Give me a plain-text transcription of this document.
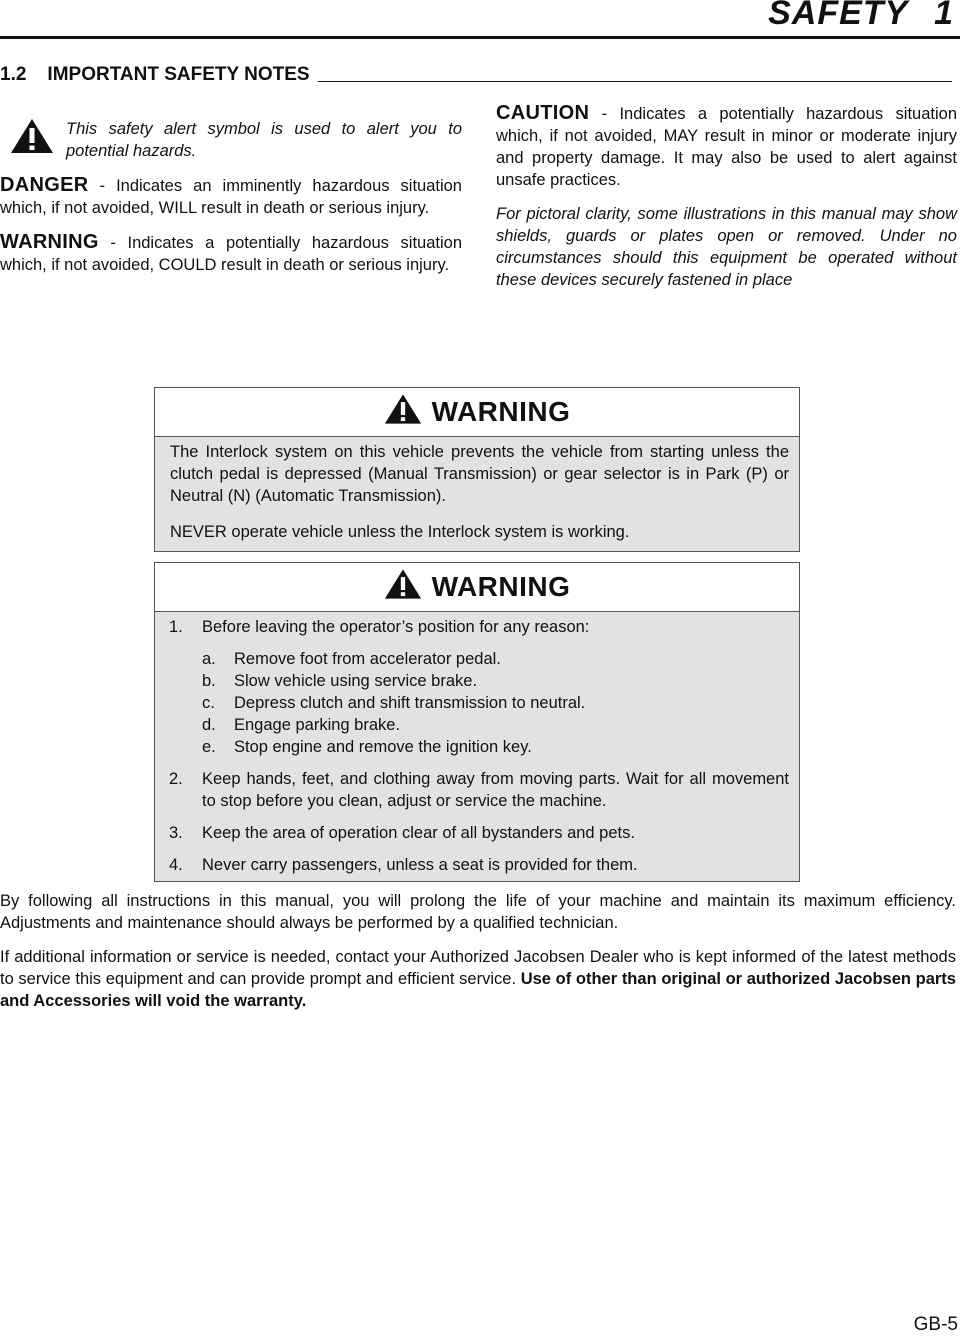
SAFETY 1
1.2 IMPORTANT SAFETY NOTES

This safety alert symbol is used to alert you to potential hazards.

DANGER - Indicates an imminently hazardous situation which, if not avoided, WILL result in death or serious injury.

WARNING - Indicates a potentially hazardous situation which, if not avoided, COULD result in death or serious injury.

CAUTION - Indicates a potentially hazardous situation which, if not avoided, MAY result in minor or moderate injury and property damage. It may also be used to alert against unsafe practices.

For pictoral clarity, some illustrations in this manual may show shields, guards or plates open or removed. Under no circumstances should this equipment be operated without these devices securely fastened in place

WARNING

The Interlock system on this vehicle prevents the vehicle from starting unless the clutch pedal is depressed (Manual Transmission) or gear selector is in Park (P) or Neutral (N) (Automatic Transmission).

NEVER operate vehicle unless the Interlock system is working.

WARNING
1.	Before leaving the operator’s position for any reason:
a.	Remove foot from accelerator pedal.
b.	Slow vehicle using service brake.
c.	Depress clutch and shift transmission to neutral.
d.	Engage parking brake.
e.	Stop engine and remove the ignition key.
2.	Keep hands, feet, and clothing away from moving parts. Wait for all movement to stop before you clean, adjust or service the machine.
3.	Keep the area of operation clear of all bystanders and pets.
4.	Never carry passengers, unless a seat is provided for them.

By following all instructions in this manual, you will prolong the life of your machine and maintain its maximum efficiency. Adjustments and maintenance should always be performed by a qualified technician.

If additional information or service is needed, contact your Authorized Jacobsen Dealer who is kept informed of the latest methods to service this equipment and can provide prompt and efficient service. Use of other than original or authorized Jacobsen parts and Accessories will void the warranty.

GB-5
